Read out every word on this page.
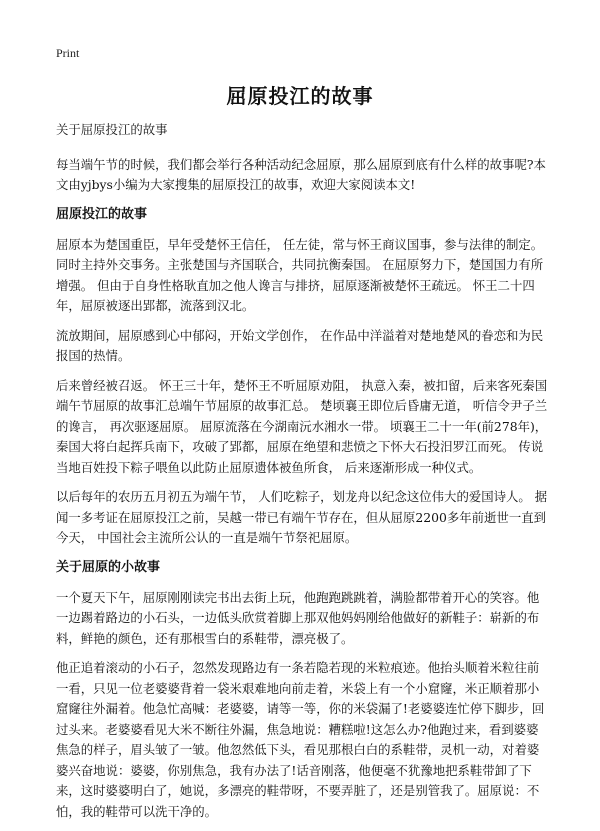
Print
屈原投江的故事

关于屈原投江的故事

每当端午节的时候，我们都会举行各种活动纪念屈原，那么屈原到底有什么样的故事呢?本文由yjbys小编为大家搜集的屈原投江的故事，欢迎大家阅读本文!

屈原投江的故事

屈原本为楚国重臣，早年受楚怀王信任， 任左徒，常与怀王商议国事，参与法律的制定。同时主持外交事务。主张楚国与齐国联合，共同抗衡秦国。 在屈原努力下，楚国国力有所增强。 但由于自身性格耿直加之他人谗言与排挤，屈原逐渐被楚怀王疏远。 怀王二十四年，屈原被逐出郢都，流落到汉北。

流放期间，屈原感到心中郁闷，开始文学创作， 在作品中洋溢着对楚地楚风的眷恋和为民报国的热情。

后来曾经被召返。 怀王三十年，楚怀王不听屈原劝阻， 执意入秦，被扣留，后来客死秦国端午节屈原的故事汇总端午节屈原的故事汇总。 楚顷襄王即位后昏庸无道， 听信令尹子兰的谗言， 再次驱逐屈原。 屈原流落在今湖南沅水湘水一带。 顷襄王二十一年(前278年)，秦国大将白起挥兵南下，攻破了郢都，屈原在绝望和悲愤之下怀大石投汨罗江而死。 传说当地百姓投下粽子喂鱼以此防止屈原遗体被鱼所食， 后来逐渐形成一种仪式。

以后每年的农历五月初五为端午节， 人们吃粽子，划龙舟以纪念这位伟大的爱国诗人。 据闻一多考证在屈原投江之前，吴越一带已有端午节存在，但从屈原2200多年前逝世一直到今天， 中国社会主流所公认的一直是端午节祭祀屈原。

关于屈原的小故事

一个夏天下午，屈原刚刚读完书出去街上玩，他跑跑跳跳着，满脸都带着开心的笑容。他一边踢着路边的小石头，一边低头欣赏着脚上那双他妈妈刚给他做好的新鞋子：崭新的布料，鲜艳的颜色，还有那根雪白的系鞋带，漂亮极了。

他正追着滚动的小石子，忽然发现路边有一条若隐若现的米粒痕迹。他抬头顺着米粒往前一看，只见一位老婆婆背着一袋米艰难地向前走着，米袋上有一个小窟窿，米正顺着那小窟窿往外漏着。他急忙高喊：老婆婆，请等一等，你的米袋漏了!老婆婆连忙停下脚步，回过头来。老婆婆看见大米不断往外漏，焦急地说：糟糕啦!这怎么办?他跑过来，看到婆婆焦急的样子，眉头皱了一皱。他忽然低下头，看见那根白白的系鞋带，灵机一动，对着婆婆兴奋地说：婆婆，你别焦急，我有办法了!话音刚落，他便毫不犹豫地把系鞋带卸了下来，这时婆婆明白了，她说，多漂亮的鞋带呀，不要弄脏了，还是别管我了。屈原说：不怕，我的鞋带可以洗干净的。
